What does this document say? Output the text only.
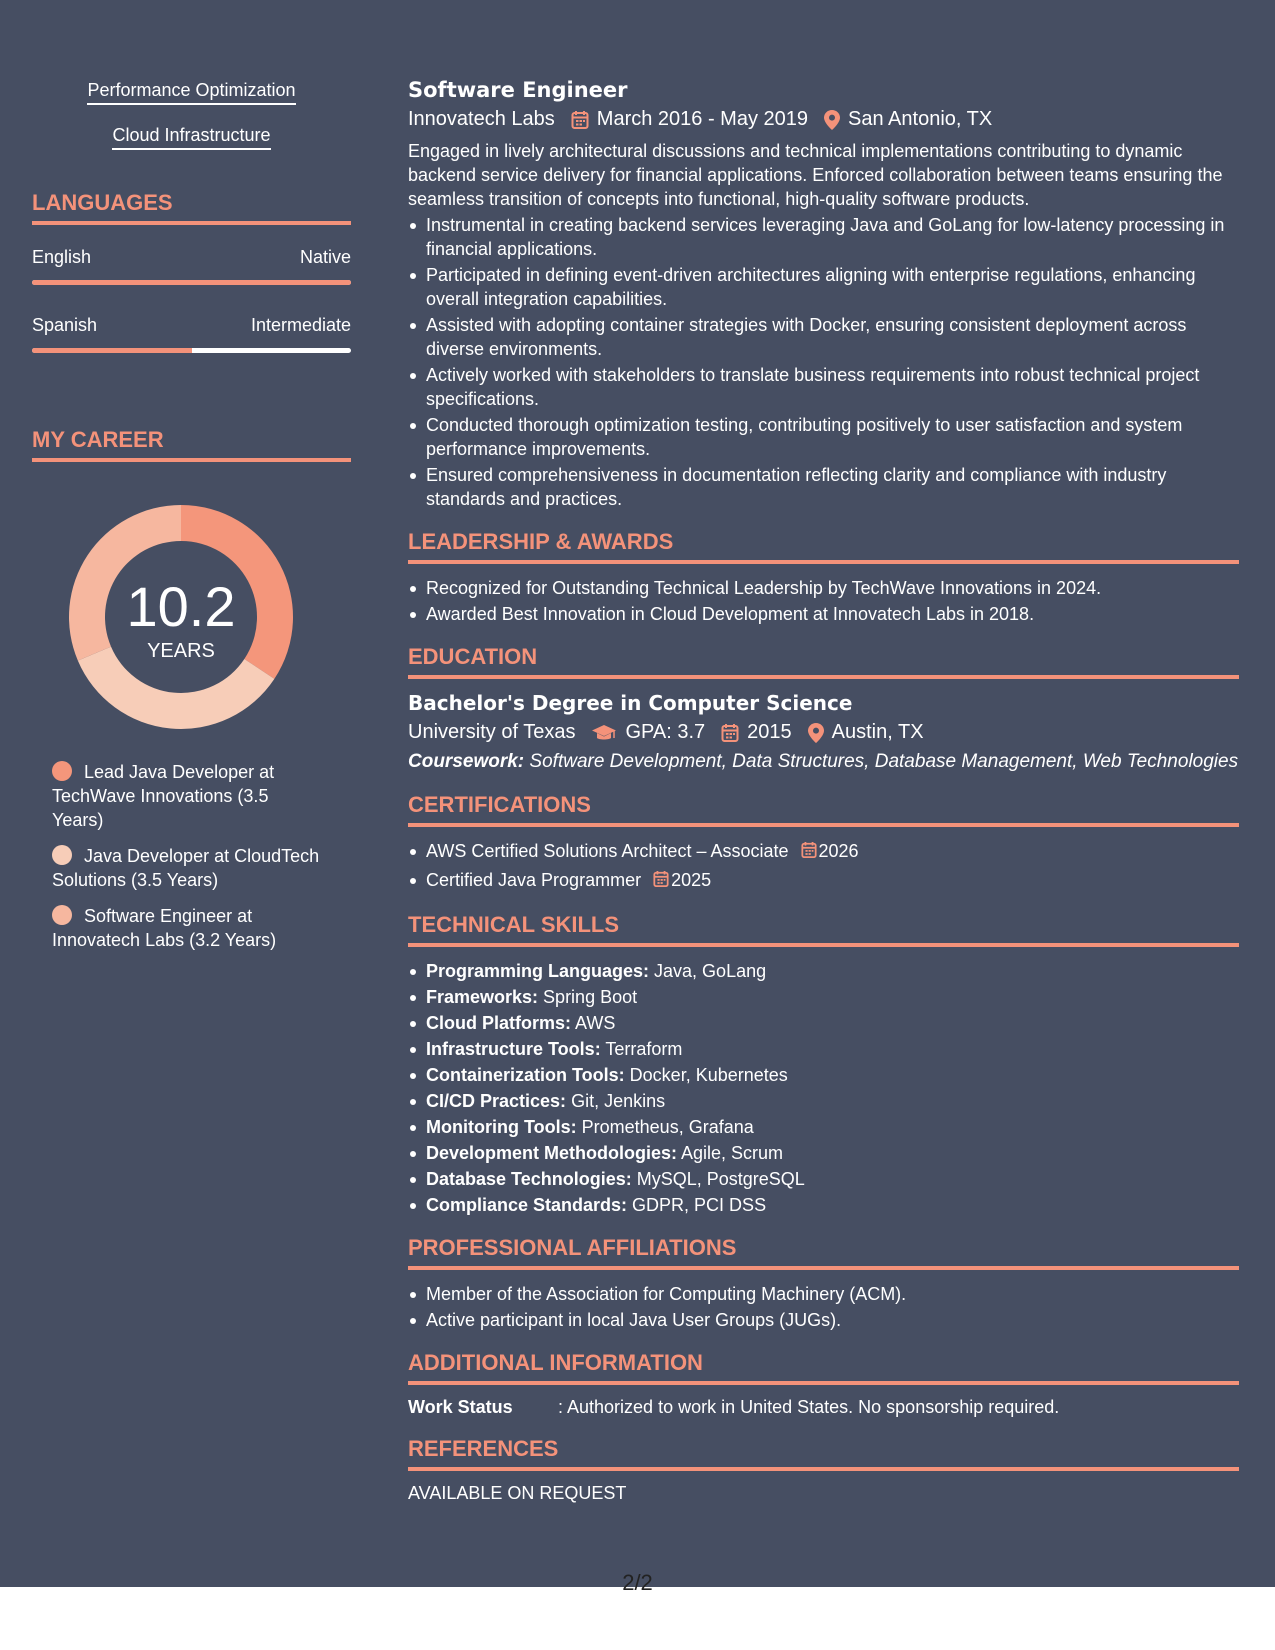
Performance Optimization
Cloud Infrastructure
LANGUAGES
English	Native
Spanish	Intermediate
MY CAREER
10.2
YEARS
Lead Java Developer at TechWave Innovations (3.5 Years)
Java Developer at CloudTech Solutions (3.5 Years)
Software Engineer at Innovatech Labs (3.2 Years)
Software Engineer
Innovatech Labs March 2016 - May 2019 San Antonio, TX
Engaged in lively architectural discussions and technical implementations contributing to dynamic backend service delivery for financial applications. Enforced collaboration between teams ensuring the seamless transition of concepts into functional, high-quality software products.
Instrumental in creating backend services leveraging Java and GoLang for low-latency processing in financial applications.
Participated in defining event-driven architectures aligning with enterprise regulations, enhancing overall integration capabilities.
Assisted with adopting container strategies with Docker, ensuring consistent deployment across diverse environments.
Actively worked with stakeholders to translate business requirements into robust technical project specifications.
Conducted thorough optimization testing, contributing positively to user satisfaction and system performance improvements.
Ensured comprehensiveness in documentation reflecting clarity and compliance with industry standards and practices.
LEADERSHIP & AWARDS
Recognized for Outstanding Technical Leadership by TechWave Innovations in 2024.
Awarded Best Innovation in Cloud Development at Innovatech Labs in 2018.
EDUCATION
Bachelor's Degree in Computer Science
University of Texas	GPA: 3.7 2015 Austin, TX
Coursework: Software Development, Data Structures, Database Management, Web Technologies
CERTIFICATIONS
AWS Certified Solutions Architect – Associate 2026
Certified Java Programmer 2025
TECHNICAL SKILLS
Programming Languages: Java, GoLang
Frameworks: Spring Boot
Cloud Platforms: AWS
Infrastructure Tools: Terraform
Containerization Tools: Docker, Kubernetes
CI/CD Practices: Git, Jenkins
Monitoring Tools: Prometheus, Grafana
Development Methodologies: Agile, Scrum
Database Technologies: MySQL, PostgreSQL
Compliance Standards: GDPR, PCI DSS
PROFESSIONAL AFFILIATIONS
Member of the Association for Computing Machinery (ACM).
Active participant in local Java User Groups (JUGs).
ADDITIONAL INFORMATION
Work Status	: Authorized to work in United States. No sponsorship required.
REFERENCES
AVAILABLE ON REQUEST
2/2
